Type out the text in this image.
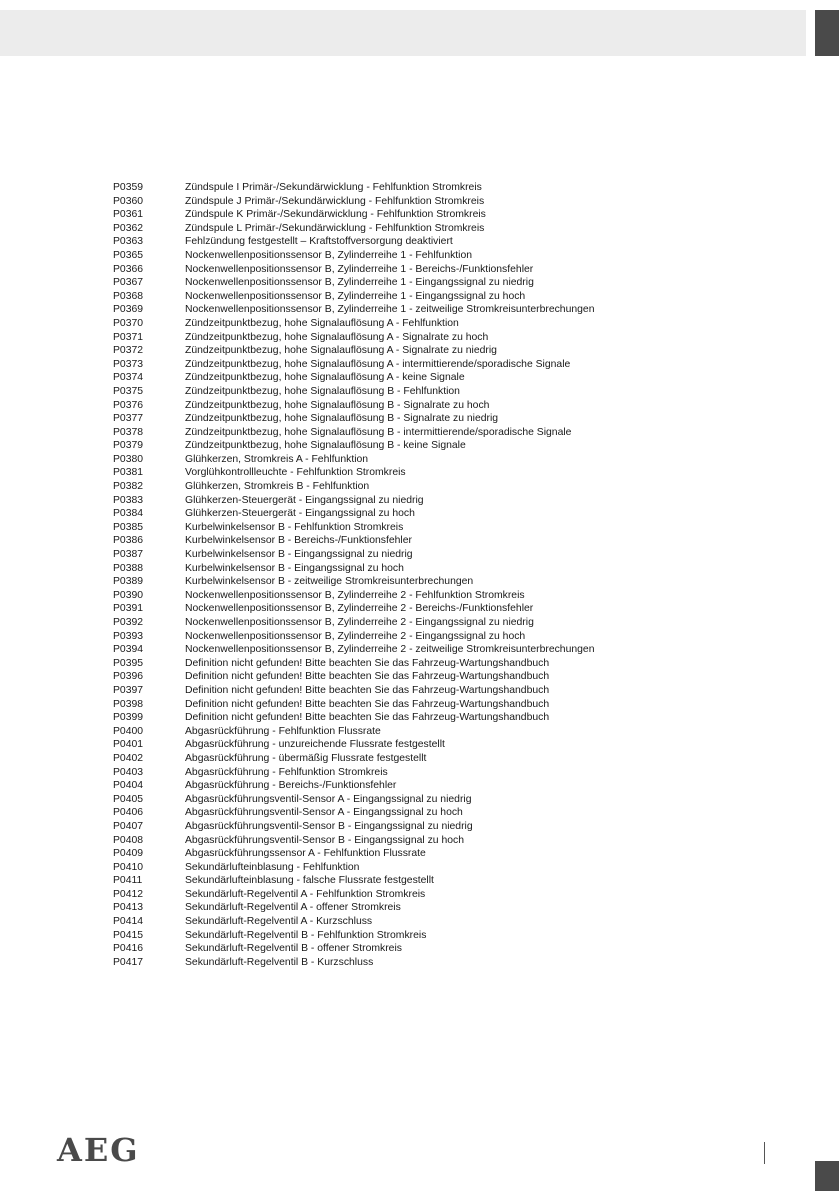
P0359	Zündspule I Primär-/Sekundärwicklung - Fehlfunktion Stromkreis
P0360	Zündspule J Primär-/Sekundärwicklung - Fehlfunktion Stromkreis
P0361	Zündspule K Primär-/Sekundärwicklung - Fehlfunktion Stromkreis
P0362	Zündspule L Primär-/Sekundärwicklung - Fehlfunktion Stromkreis
P0363	Fehlzündung festgestellt – Kraftstoffversorgung deaktiviert
P0365	Nockenwellenpositionssensor B, Zylinderreihe 1 - Fehlfunktion
P0366	Nockenwellenpositionssensor B, Zylinderreihe 1 - Bereichs-/Funktionsfehler
P0367	Nockenwellenpositionssensor B, Zylinderreihe 1 - Eingangssignal zu niedrig
P0368	Nockenwellenpositionssensor B, Zylinderreihe 1 - Eingangssignal zu hoch
P0369	Nockenwellenpositionssensor B, Zylinderreihe 1 - zeitweilige Stromkreisunterbrechungen
P0370	Zündzeitpunktbezug, hohe Signalauflösung A - Fehlfunktion
P0371	Zündzeitpunktbezug, hohe Signalauflösung A - Signalrate zu hoch
P0372	Zündzeitpunktbezug, hohe Signalauflösung A - Signalrate zu niedrig
P0373	Zündzeitpunktbezug, hohe Signalauflösung A - intermittierende/sporadische Signale
P0374	Zündzeitpunktbezug, hohe Signalauflösung A - keine Signale
P0375	Zündzeitpunktbezug, hohe Signalauflösung B - Fehlfunktion
P0376	Zündzeitpunktbezug, hohe Signalauflösung B - Signalrate zu hoch
P0377	Zündzeitpunktbezug, hohe Signalauflösung B - Signalrate zu niedrig
P0378	Zündzeitpunktbezug, hohe Signalauflösung B - intermittierende/sporadische Signale
P0379	Zündzeitpunktbezug, hohe Signalauflösung B - keine Signale
P0380	Glühkerzen, Stromkreis A - Fehlfunktion
P0381	Vorglühkontrollleuchte - Fehlfunktion Stromkreis
P0382	Glühkerzen, Stromkreis B - Fehlfunktion
P0383	Glühkerzen-Steuergerät - Eingangssignal zu niedrig
P0384	Glühkerzen-Steuergerät - Eingangssignal zu hoch
P0385	Kurbelwinkelsensor B - Fehlfunktion Stromkreis
P0386	Kurbelwinkelsensor B - Bereichs-/Funktionsfehler
P0387	Kurbelwinkelsensor B - Eingangssignal zu niedrig
P0388	Kurbelwinkelsensor B - Eingangssignal zu hoch
P0389	Kurbelwinkelsensor B - zeitweilige Stromkreisunterbrechungen
P0390	Nockenwellenpositionssensor B, Zylinderreihe 2 - Fehlfunktion Stromkreis
P0391	Nockenwellenpositionssensor B, Zylinderreihe 2 - Bereichs-/Funktionsfehler
P0392	Nockenwellenpositionssensor B, Zylinderreihe 2 - Eingangssignal zu niedrig
P0393	Nockenwellenpositionssensor B, Zylinderreihe 2 - Eingangssignal zu hoch
P0394	Nockenwellenpositionssensor B, Zylinderreihe 2 - zeitweilige Stromkreisunterbrechungen
P0395	Definition nicht gefunden! Bitte beachten Sie das Fahrzeug-Wartungshandbuch
P0396	Definition nicht gefunden! Bitte beachten Sie das Fahrzeug-Wartungshandbuch
P0397	Definition nicht gefunden! Bitte beachten Sie das Fahrzeug-Wartungshandbuch
P0398	Definition nicht gefunden! Bitte beachten Sie das Fahrzeug-Wartungshandbuch
P0399	Definition nicht gefunden! Bitte beachten Sie das Fahrzeug-Wartungshandbuch
P0400	Abgasrückführung - Fehlfunktion Flussrate
P0401	Abgasrückführung - unzureichende Flussrate festgestellt
P0402	Abgasrückführung - übermäßig Flussrate festgestellt
P0403	Abgasrückführung - Fehlfunktion Stromkreis
P0404	Abgasrückführung - Bereichs-/Funktionsfehler
P0405	Abgasrückführungsventil-Sensor A - Eingangssignal zu niedrig
P0406	Abgasrückführungsventil-Sensor A - Eingangssignal zu hoch
P0407	Abgasrückführungsventil-Sensor B - Eingangssignal zu niedrig
P0408	Abgasrückführungsventil-Sensor B - Eingangssignal zu hoch
P0409	Abgasrückführungssensor A - Fehlfunktion Flussrate
P0410	Sekundärlufteinblasung - Fehlfunktion
P0411	Sekundärlufteinblasung - falsche Flussrate festgestellt
P0412	Sekundärluft-Regelventil A - Fehlfunktion Stromkreis
P0413	Sekundärluft-Regelventil A - offener Stromkreis
P0414	Sekundärluft-Regelventil A - Kurzschluss
P0415	Sekundärluft-Regelventil B - Fehlfunktion Stromkreis
P0416	Sekundärluft-Regelventil B - offener Stromkreis
P0417	Sekundärluft-Regelventil B - Kurzschluss
AEG
